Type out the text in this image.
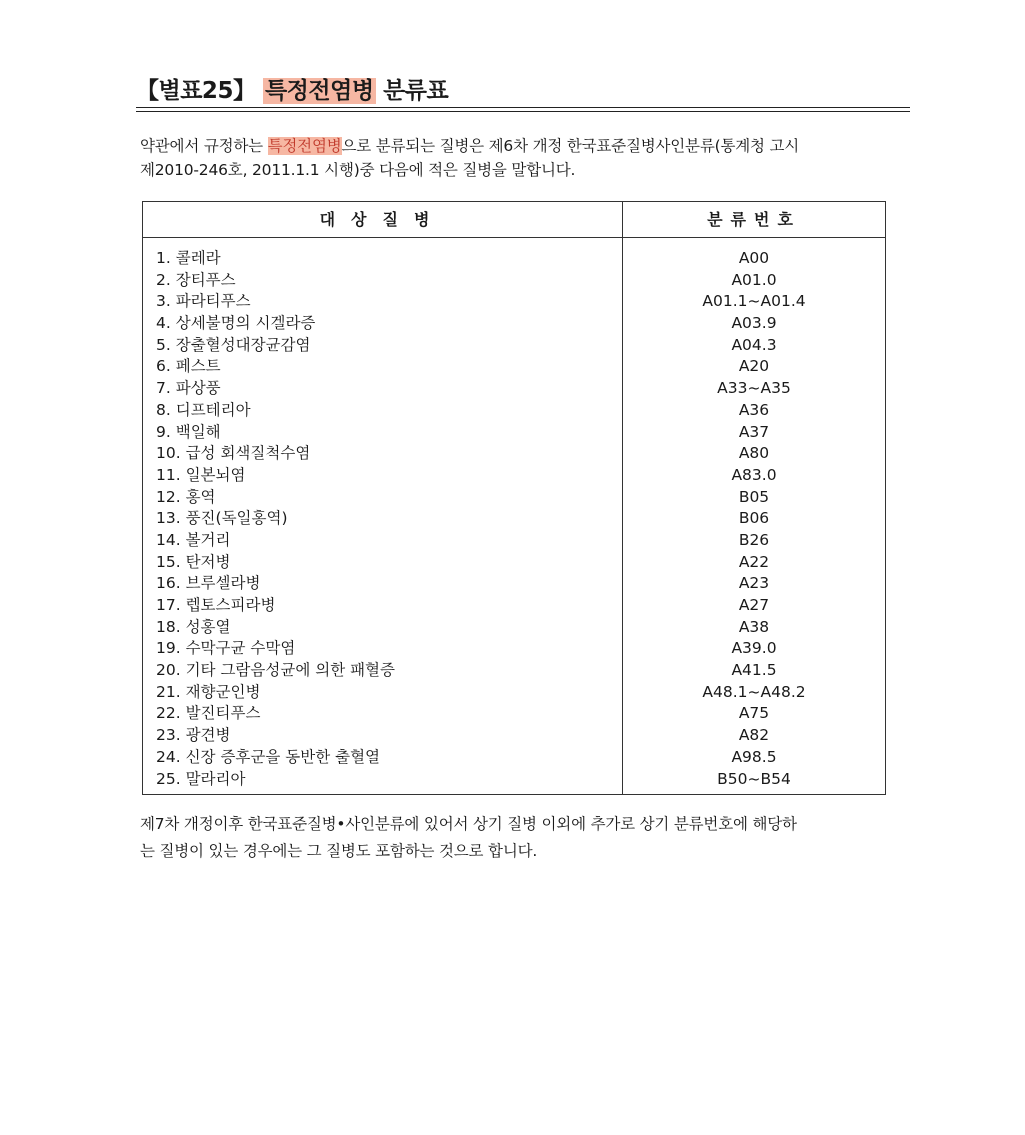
【별표25】 특정전염병 분류표
약관에서 규정하는 특정전염병으로 분류되는 질병은 제6차 개정 한국표준질병사인분류(통계청 고시
제2010-246호, 2011.1.1 시행)중 다음에 적은 질병을 말합니다.
대상질병	분류번호
1. 콜레라	A00
2. 장티푸스	A01.0
3. 파라티푸스	A01.1~A01.4
4. 상세불명의 시겔라증	A03.9
5. 장출혈성대장균감염	A04.3
6. 페스트	A20
7. 파상풍	A33~A35
8. 디프테리아	A36
9. 백일해	A37
10. 급성 회색질척수염	A80
11. 일본뇌염	A83.0
12. 홍역	B05
13. 풍진(독일홍역)	B06
14. 볼거리	B26
15. 탄저병	A22
16. 브루셀라병	A23
17. 렙토스피라병	A27
18. 성홍열	A38
19. 수막구균 수막염	A39.0
20. 기타 그람음성균에 의한 패혈증	A41.5
21. 재향군인병	A48.1~A48.2
22. 발진티푸스	A75
23. 광견병	A82
24. 신장 증후군을 동반한 출혈열	A98.5
25. 말라리아	B50~B54
제7차 개정이후 한국표준질병•사인분류에 있어서 상기 질병 이외에 추가로 상기 분류번호에 해당하
는 질병이 있는 경우에는 그 질병도 포함하는 것으로 합니다.
